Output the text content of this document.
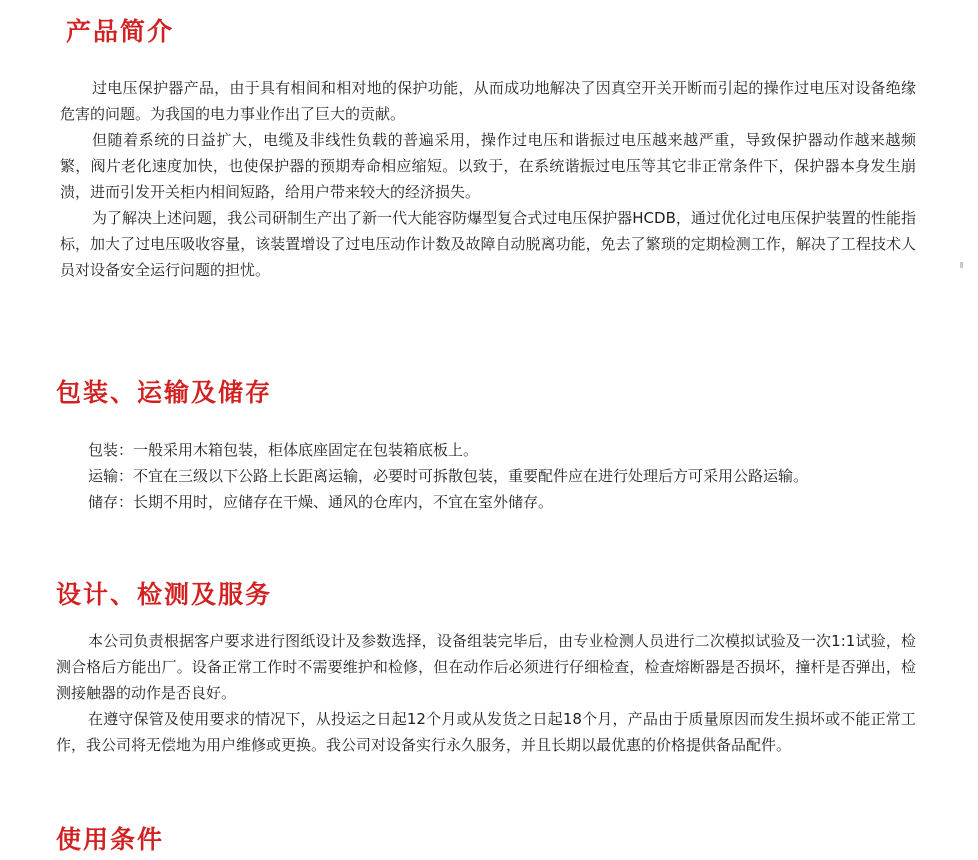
产品简介

过电压保护器产品，由于具有相间和相对地的保护功能，从而成功地解决了因真空开关开断而引起的操作过电压对设备绝缘危害的问题。为我国的电力事业作出了巨大的贡献。

但随着系统的日益扩大，电缆及非线性负载的普遍采用，操作过电压和谐振过电压越来越严重，导致保护器动作越来越频繁，阀片老化速度加快，也使保护器的预期寿命相应缩短。以致于，在系统谐振过电压等其它非正常条件下，保护器本身发生崩溃，进而引发开关柜内相间短路，给用户带来较大的经济损失。

为了解决上述问题，我公司研制生产出了新一代大能容防爆型复合式过电压保护器HCDB，通过优化过电压保护装置的性能指标，加大了过电压吸收容量，该装置增设了过电压动作计数及故障自动脱离功能，免去了繁琐的定期检测工作，解决了工程技术人员对设备安全运行问题的担忧。

包装、运输及储存

包装：一般采用木箱包装，柜体底座固定在包装箱底板上。

运输：不宜在三级以下公路上长距离运输，必要时可拆散包装，重要配件应在进行处理后方可采用公路运输。

储存：长期不用时，应储存在干燥、通风的仓库内，不宜在室外储存。

设计、检测及服务

本公司负责根据客户要求进行图纸设计及参数选择，设备组装完毕后，由专业检测人员进行二次模拟试验及一次1:1试验，检测合格后方能出厂。设备正常工作时不需要维护和检修，但在动作后必须进行仔细检查，检查熔断器是否损坏，撞杆是否弹出，检测接触器的动作是否良好。

在遵守保管及使用要求的情况下，从投运之日起12个月或从发货之日起18个月，产品由于质量原因而发生损坏或不能正常工作，我公司将无偿地为用户维修或更换。我公司对设备实行永久服务，并且长期以最优惠的价格提供备品配件。

使用条件
